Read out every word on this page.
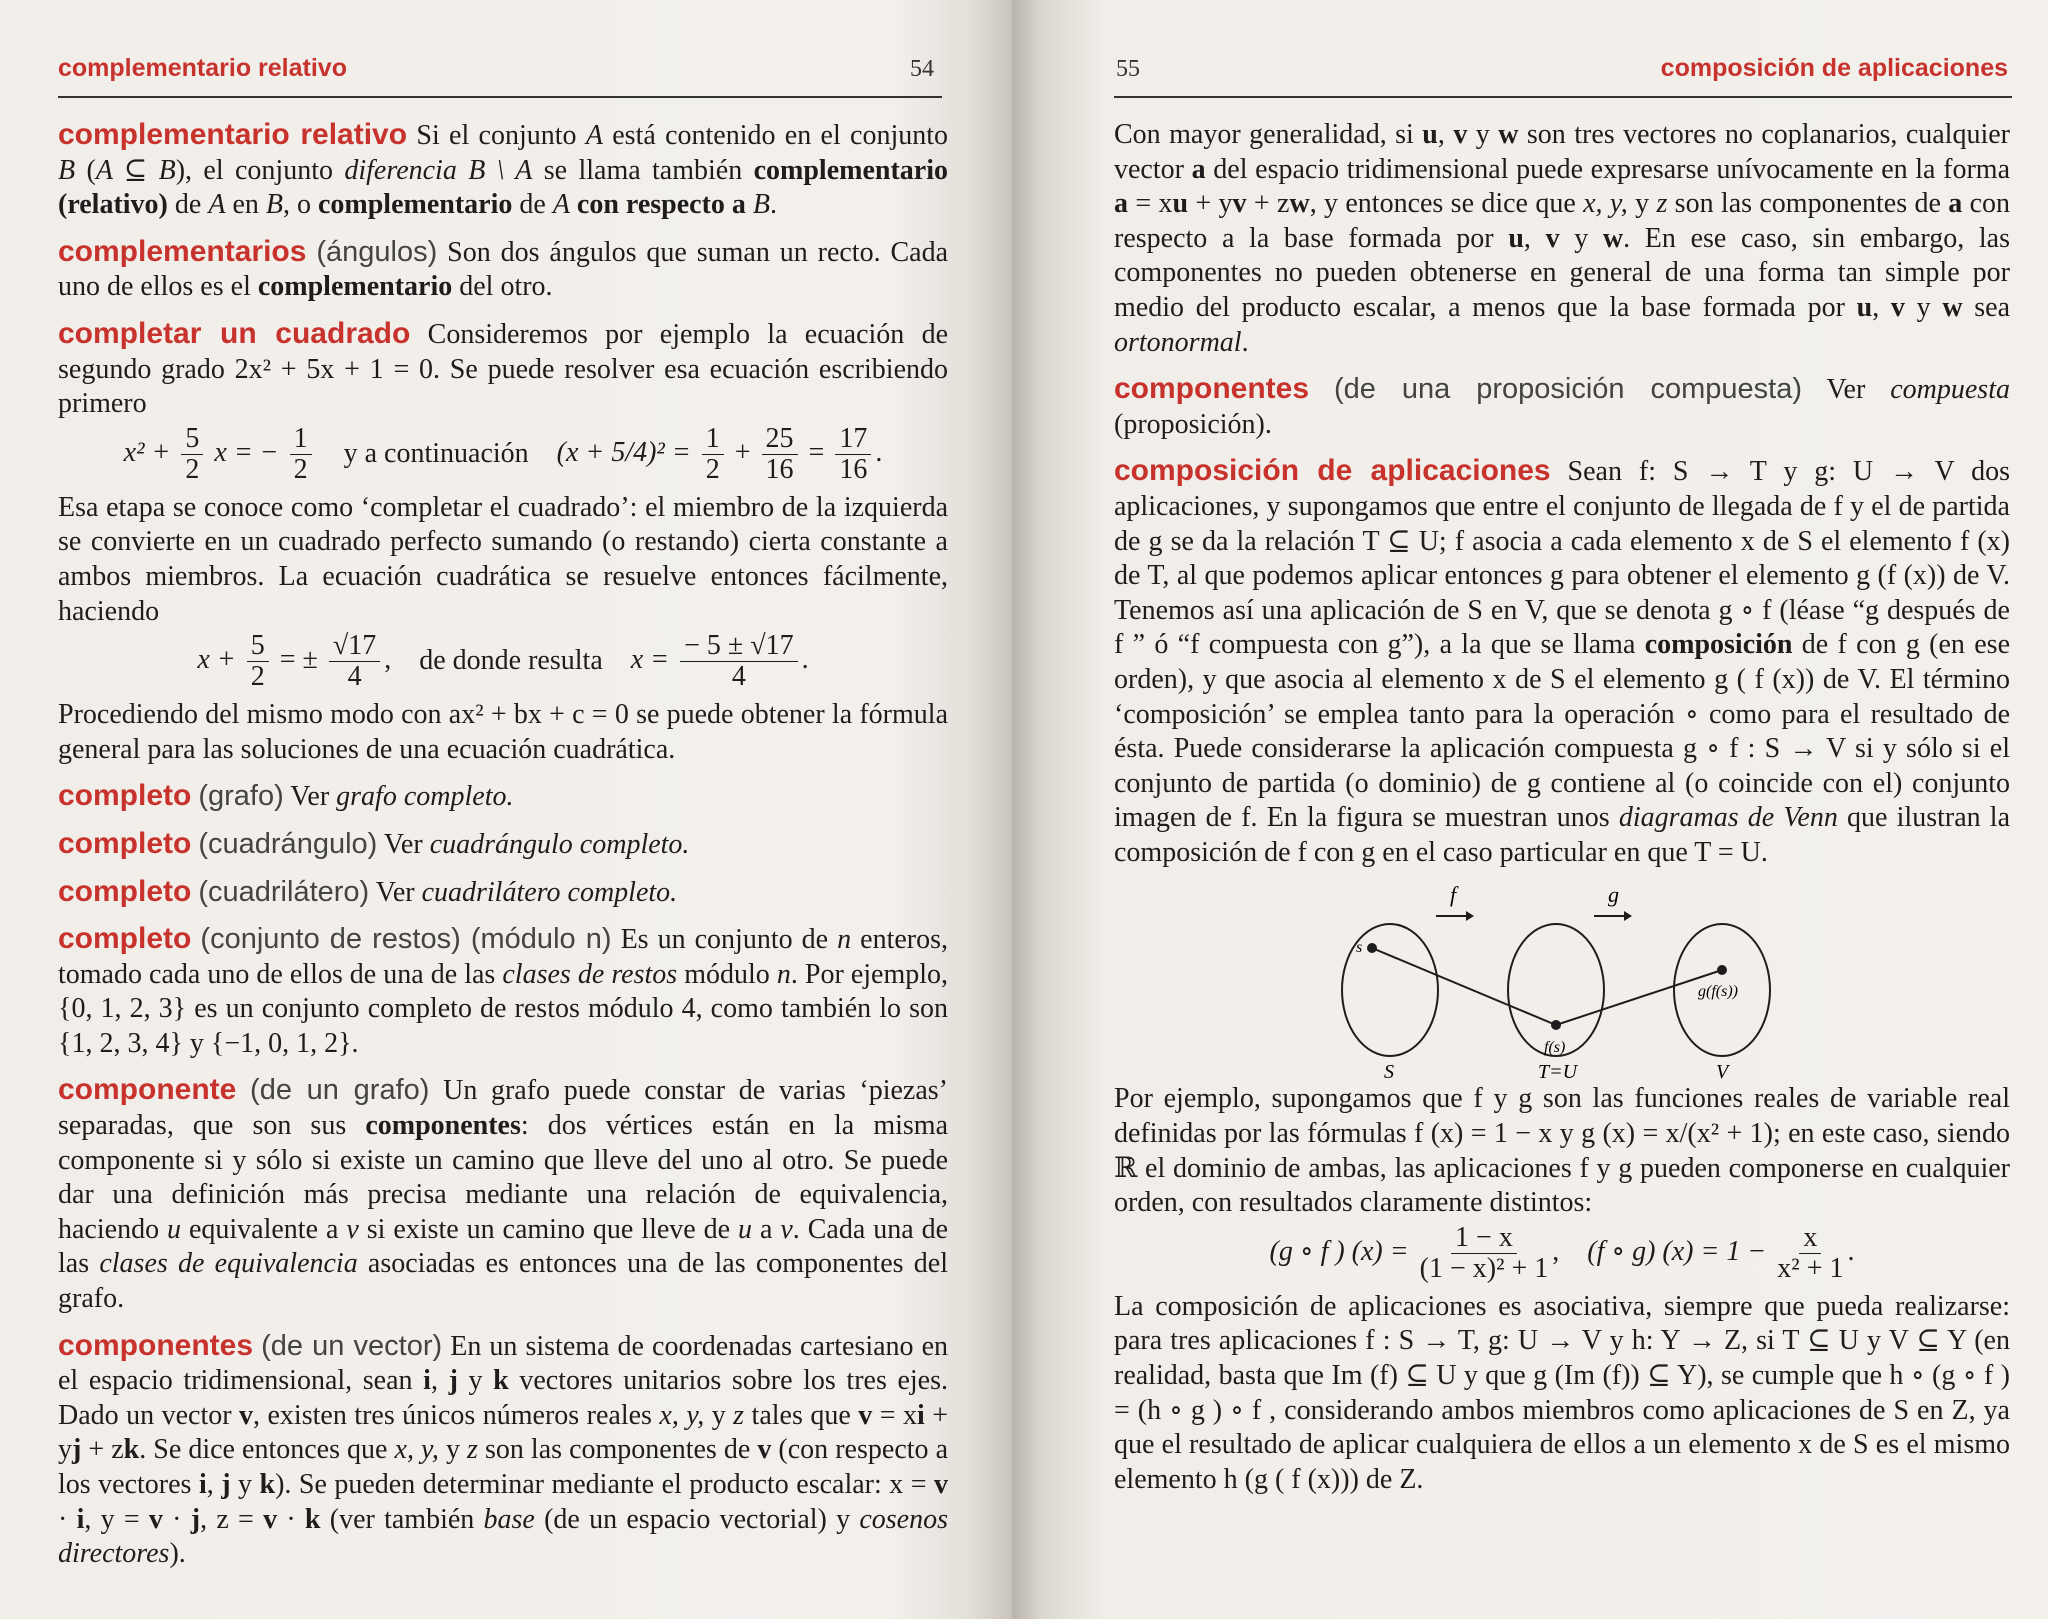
complementario relativo	54

complementario relativo Si el conjunto A está contenido en el conjunto B (A ⊆ B), el conjunto diferencia B \ A se llama también complementario (relativo) de A en B, o complementario de A con respecto a B.

complementarios (ángulos) Son dos ángulos que suman un recto. Cada uno de ellos es el complementario del otro.

completar un cuadrado Consideremos por ejemplo la ecuación de segundo grado 2x² + 5x + 1 = 0. Se puede resolver esa ecuación escribiendo primero
$x^2 + \frac{5}{2}$ x = − $\frac{1}{2}$ y a continuación $(x + 5/4)^2 = \frac{1}{2} + \frac{25}{16} = \frac{17}{16}$ .
Esa etapa se conoce como ‘completar el cuadrado’: el miembro de la izquierda se convierte en un cuadrado perfecto sumando (o restando) cierta constante a ambos miembros. La ecuación cuadrática se resuelve entonces fácilmente, haciendo
$x + \frac{5}{2}$ = ± $\frac{√17}{4}$ , de donde resulta $x = \frac{- 5 \pm √17}{4}$ .
Procediendo del mismo modo con ax² + bx + c = 0 se puede obtener la fórmula general para las soluciones de una ecuación cuadrática.

completo (grafo) Ver grafo completo.

completo (cuadrángulo) Ver cuadrángulo completo.

completo (cuadrilátero) Ver cuadrilátero completo.

completo (conjunto de restos) (módulo n) Es un conjunto de n enteros, tomado cada uno de ellos de una de las clases de restos módulo n. Por ejemplo, {0, 1, 2, 3} es un conjunto completo de restos módulo 4, como también lo son {1, 2, 3, 4} y {−1, 0, 1, 2}.

componente (de un grafo) Un grafo puede constar de varias ‘piezas’ separadas, que son sus componentes: dos vértices están en la misma componente si y sólo si existe un camino que lleve del uno al otro. Se puede dar una definición más precisa mediante una relación de equivalencia, haciendo u equivalente a v si existe un camino que lleve de u a v. Cada una de las clases de equivalencia asociadas es entonces una de las componentes del grafo.

componentes (de un vector) En un sistema de coordenadas cartesiano en el espacio tridimensional, sean i, j y k vectores unitarios sobre los tres ejes. Dado un vector v, existen tres únicos números reales x, y, y z tales que v = xi + yj + zk. Se dice entonces que x, y, y z son las componentes de v (con respecto a los vectores i, j y k). Se pueden determinar mediante el producto escalar: x = v · i, y = v · j, z = v · k (ver también base (de un espacio vectorial) y cosenos directores).

55	composición de aplicaciones

Con mayor generalidad, si u, v y w son tres vectores no coplanarios, cualquier vector a del espacio tridimensional puede expresarse unívocamente en la forma a = xu + yv + zw, y entonces se dice que x, y, y z son las componentes de a con respecto a la base formada por u, v y w. En ese caso, sin embargo, las componentes no pueden obtenerse en general de una forma tan simple por medio del producto escalar, a menos que la base formada por u, v y w sea ortonormal.

componentes (de una proposición compuesta) Ver compuesta (proposición).

composición de aplicaciones Sean f: S → T y g: U → V dos aplicaciones, y supongamos que entre el conjunto de llegada de f y el de partida de g se da la relación T ⊆ U; f asocia a cada elemento x de S el elemento f (x) de T, al que podemos aplicar entonces g para obtener el elemento g (f (x)) de V. Tenemos así una aplicación de S en V, que se denota g ∘ f (léase “g después de f ” ó “f compuesta con g”), a la que se llama composición de f con g (en ese orden), y que asocia al elemento x de S el elemento g ( f (x)) de V. El término ‘composición’ se emplea tanto para la operación ∘ como para el resultado de ésta. Puede considerarse la aplicación compuesta g ∘ f : S → V si y sólo si el conjunto de partida (o dominio) de g contiene al (o coincide con el) conjunto imagen de f. En la figura se muestran unos diagramas de Venn que ilustran la composición de f con g en el caso particular en que T = U.

f	g
s
f(s)
g(f(s))
S	T=U	V
Por ejemplo, supongamos que f y g son las funciones reales de variable real definidas por las fórmulas f (x) = 1 − x y g (x) = x/(x² + 1); en este caso, siendo ℝ el dominio de ambas, las aplicaciones f y g pueden componerse en cualquier orden, con resultados claramente distintos:
(g ∘ f ) $(x) = \frac{1 - x}{\text{(1 − x)² + 1}}$ , (f ∘ g) $(x) = 1 - \frac{x}{\text{x² + 1}}$ .
La composición de aplicaciones es asociativa, siempre que pueda realizarse: para tres aplicaciones f : S → T, g: U → V y h: Y → Z, si T ⊆ U y V ⊆ Y (en realidad, basta que Im (f) ⊆ U y que g (Im (f)) ⊆ Y), se cumple que h ∘ (g ∘ f ) = (h ∘ g ) ∘ f , considerando ambos miembros como aplicaciones de S en Z, ya que el resultado de aplicar cualquiera de ellos a un elemento x de S es el mismo elemento h (g ( f (x))) de Z.
